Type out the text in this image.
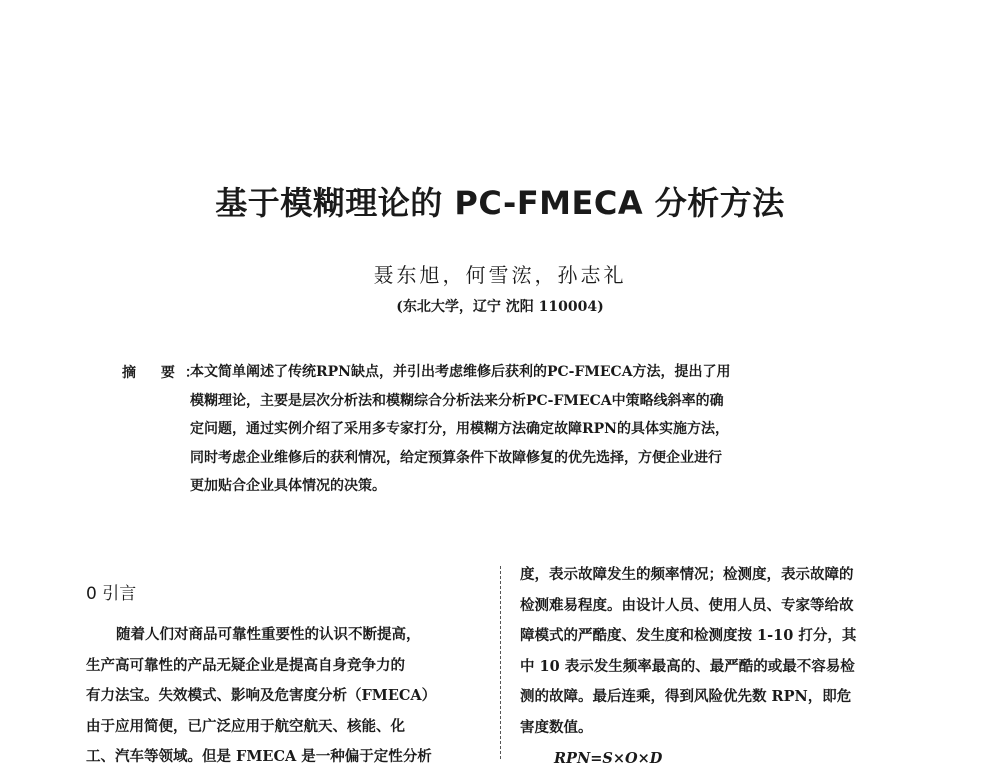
基于模糊理论的 PC-FMECA 分析方法
聂东旭，何雪浤，孙志礼
(东北大学，辽宁 沈阳 110004)
摘 要：
本文简单阐述了传统RPN缺点，并引出考虑维修后获利的PC-FMECA方法，提出了用
模糊理论，主要是层次分析法和模糊综合分析法来分析PC-FMECA中策略线斜率的确
定问题，通过实例介绍了采用多专家打分，用模糊方法确定故障RPN的具体实施方法，
同时考虑企业维修后的获利情况，给定预算条件下故障修复的优先选择，方便企业进行
更加贴合企业具体情况的决策。
0 引言
随着人们对商品可靠性重要性的认识不断提高，
生产高可靠性的产品无疑企业是提高自身竞争力的
有力法宝。失效模式、影响及危害度分析（FMECA）
由于应用简便，已广泛应用于航空航天、核能、化
工、汽车等领域。但是 FMECA 是一种偏于定性分析
度，表示故障发生的频率情况；检测度，表示故障的
检测难易程度。由设计人员、使用人员、专家等给故
障模式的严酷度、发生度和检测度按 1-10 打分，其
中 10 表示发生频率最高的、最严酷的或最不容易检
测的故障。最后连乘，得到风险优先数 RPN，即危
害度数值。
RPN=S×O×D
